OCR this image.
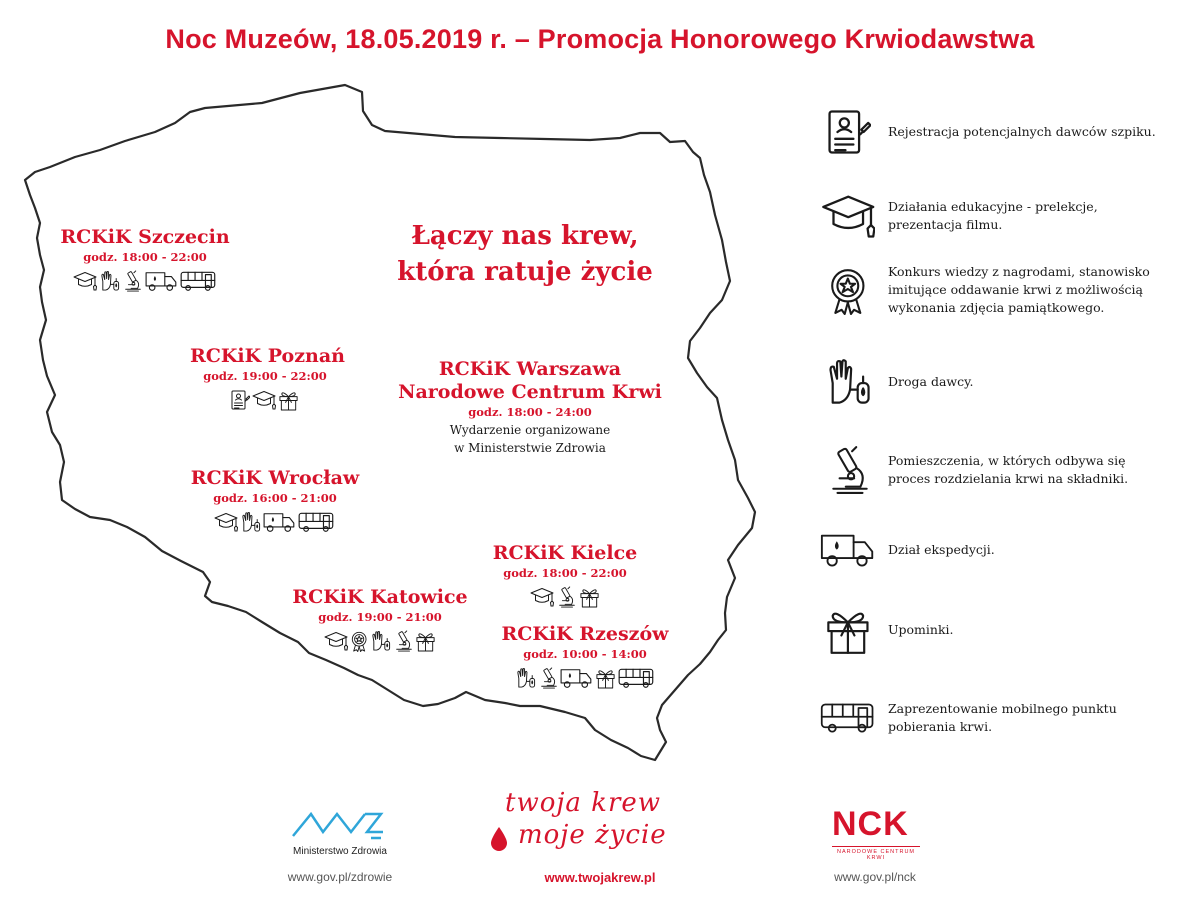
Noc Muzeów, 18.05.2019 r. – Promocja Honorowego Krwiodawstwa
Łączy nas krew,
która ratuje życie
RCKiK Szczecin
godz. 18:00 - 22:00
RCKiK Poznań
godz. 19:00 - 22:00	RCKiK Warszawa
Narodowe Centrum Krwi
godz. 18:00 - 24:00
Wydarzenie organizowane
w Ministerstwie Zdrowia
RCKiK Wrocław
godz. 16:00 - 21:00
RCKiK Kielce
godz. 18:00 - 22:00
RCKiK Katowice
godz. 19:00 - 21:00
RCKiK Rzeszów
godz. 10:00 - 14:00
Rejestracja potencjalnych dawców szpiku.
Działania edukacyjne - prelekcje,
prezentacja filmu.
Konkurs wiedzy z nagrodami, stanowisko
imitujące oddawanie krwi z możliwością
wykonania zdjęcia pamiątkowego.
Droga dawcy.
Pomieszczenia, w których odbywa się
proces rozdzielania krwi na składniki.
Dział ekspedycji.
Upominki.
Zaprezentowanie mobilnego punktu
pobierania krwi.
Ministerstwo Zdrowia
www.gov.pl/zdrowie
twoja krew
moje życie
www.twojakrew.pl
NCK
NARODOWE CENTRUM KRWI
www.gov.pl/nck
